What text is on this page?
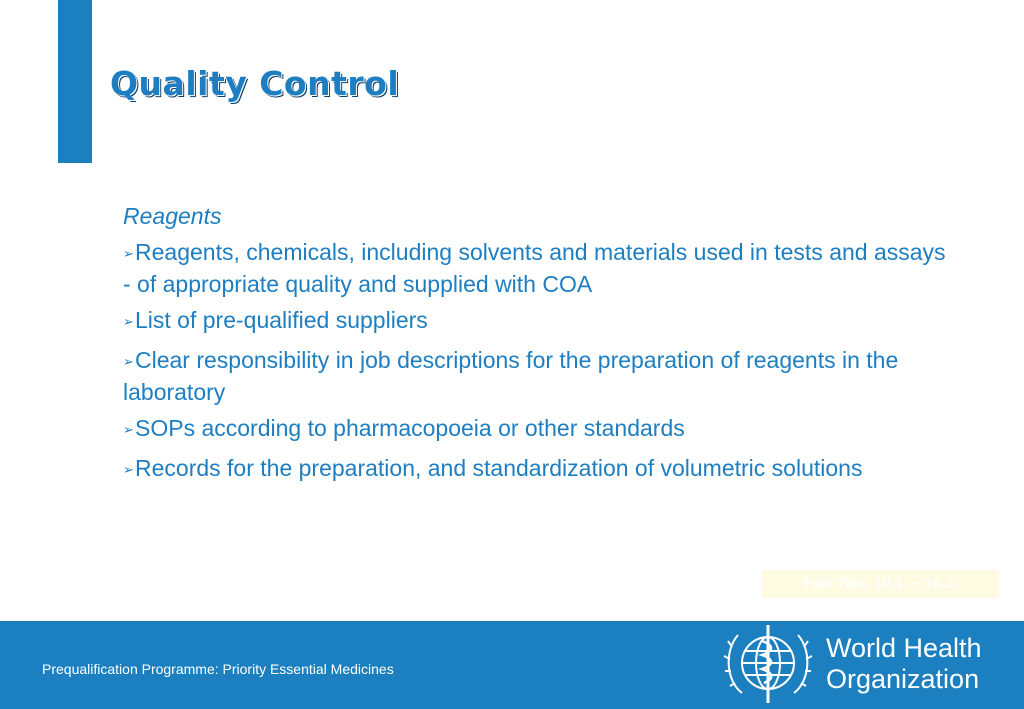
Quality Control
Reagents
➢Reagents, chemicals, including solvents and materials used in tests and assays - of appropriate quality and supplied with COA
➢List of pre-qualified suppliers
➢Clear responsibility in job descriptions for the preparation of reagents in the laboratory
➢SOPs according to pharmacopoeia or other standards
➢Records for the preparation, and standardization of volumetric solutions
Part Two. 10.1. – 10.3.
Prequalification Programme: Priority Essential Medicines
World Health
Organization
